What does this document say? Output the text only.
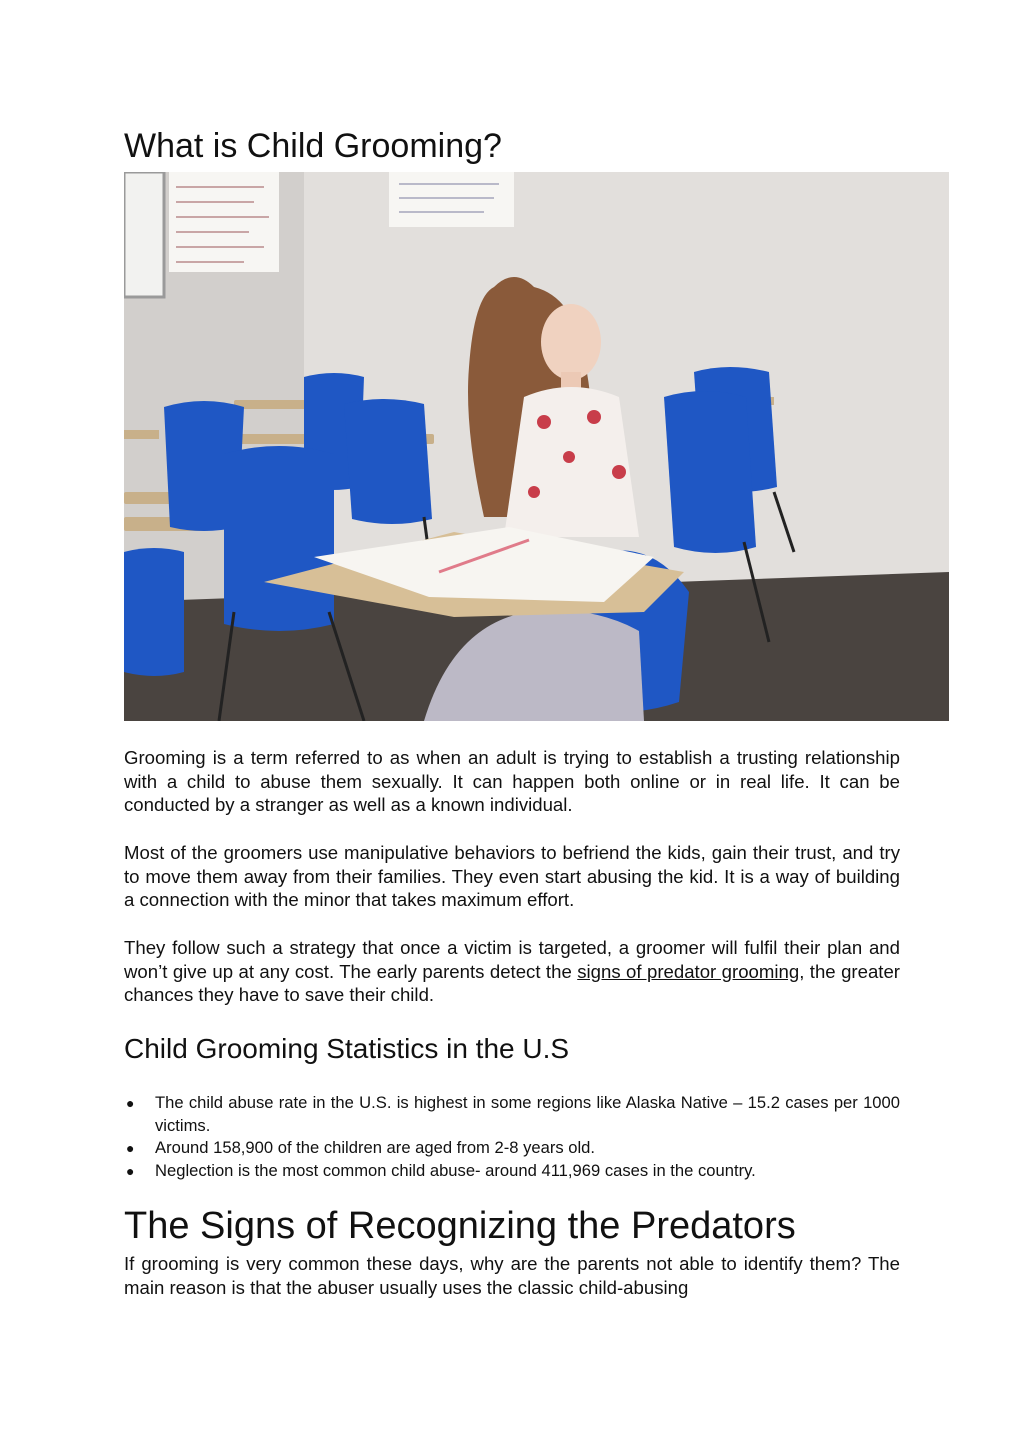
What is Child Grooming?

Grooming is a term referred to as when an adult is trying to establish a trusting relationship with a child to abuse them sexually. It can happen both online or in real life. It can be conducted by a stranger as well as a known individual.

Most of the groomers use manipulative behaviors to befriend the kids, gain their trust, and try to move them away from their families. They even start abusing the kid. It is a way of building a connection with the minor that takes maximum effort.

They follow such a strategy that once a victim is targeted, a groomer will fulfil their plan and won’t give up at any cost. The early parents detect the signs of predator grooming, the greater chances they have to save their child.

Child Grooming Statistics in the U.S
● The child abuse rate in the U.S. is highest in some regions like Alaska Native – 15.2 cases per 1000 victims.
● Around 158,900 of the children are aged from 2-8 years old.
● Neglection is the most common child abuse- around 411,969 cases in the country.
The Signs of Recognizing the Predators

If grooming is very common these days, why are the parents not able to identify them? The main reason is that the abuser usually uses the classic child-abusing
